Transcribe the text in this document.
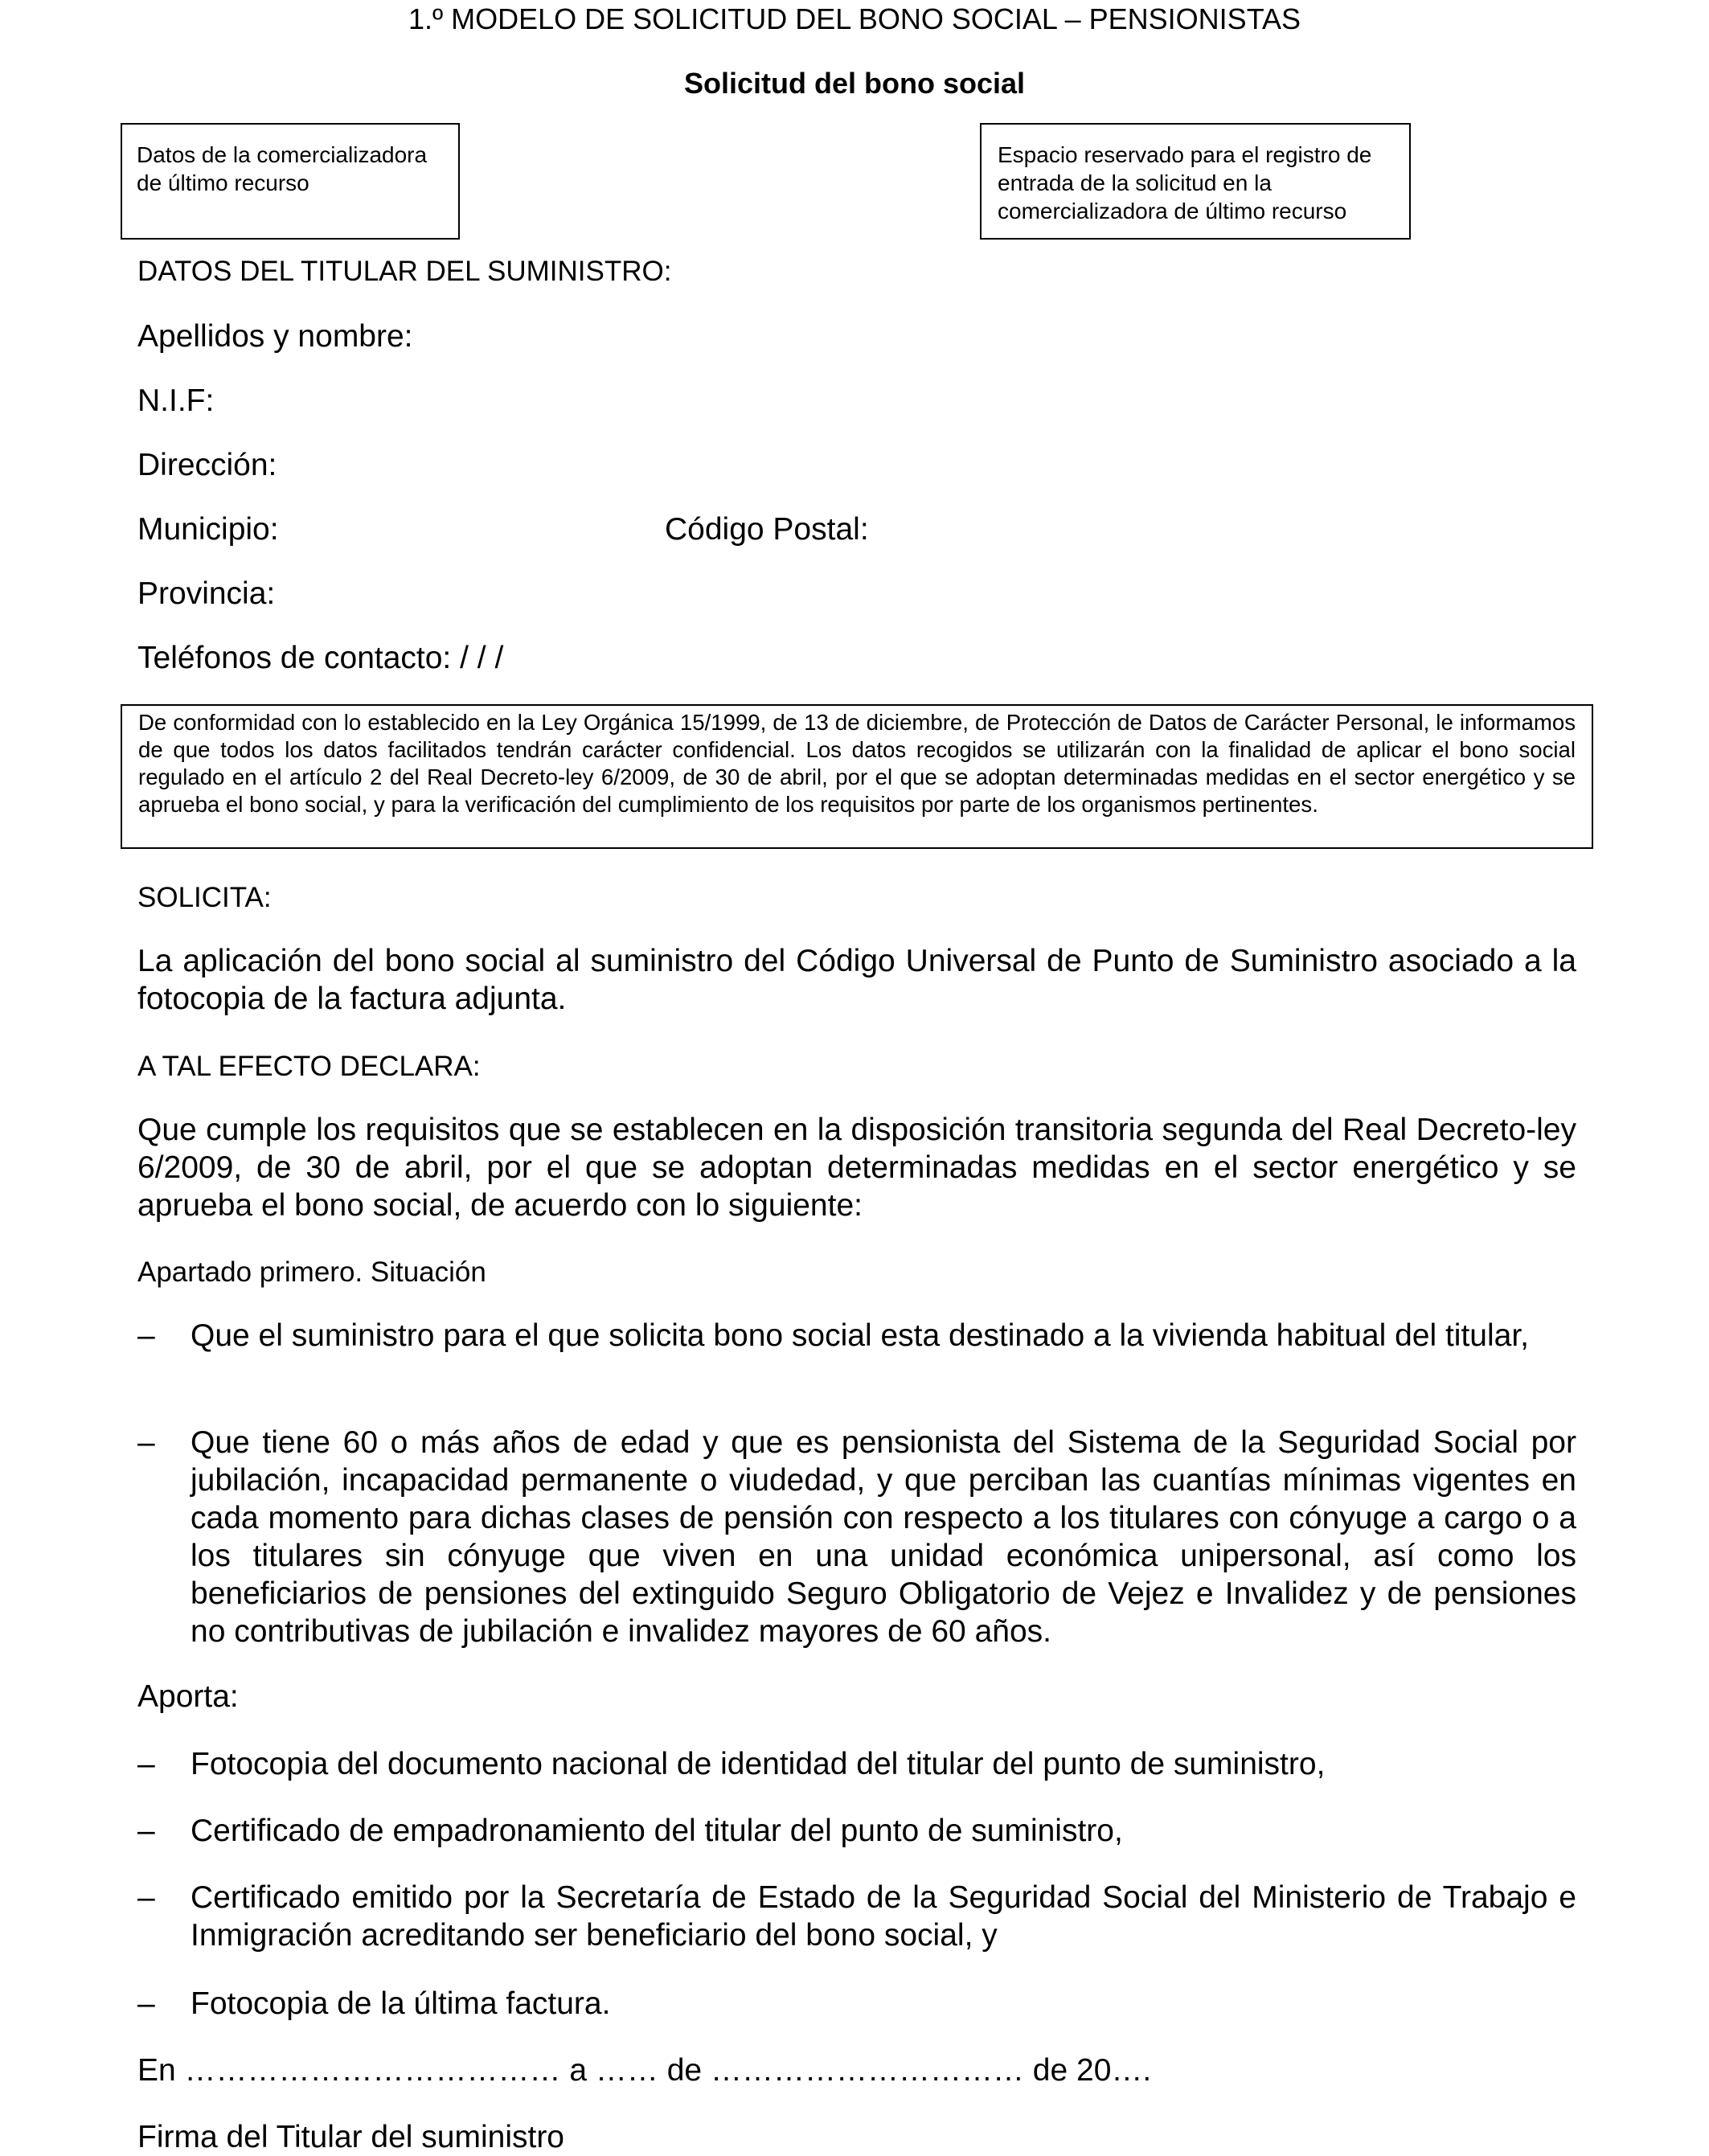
1.º MODELO DE SOLICITUD DEL BONO SOCIAL – PENSIONISTAS
Solicitud del bono social
Datos de la comercializadora de último recurso
Espacio reservado para el registro de entrada de la solicitud en la comercializadora de último recurso
DATOS DEL TITULAR DEL SUMINISTRO:
Apellidos y nombre:
N.I.F:
Dirección:
Municipio:	Código Postal:
Provincia:
Teléfonos de contacto: / / /
De conformidad con lo establecido en la Ley Orgánica 15/1999, de 13 de diciembre, de Protección de Datos de Carácter Personal, le informamos de que todos los datos facilitados tendrán carácter confidencial. Los datos recogidos se utilizarán con la finalidad de aplicar el bono social regulado en el artículo 2 del Real Decreto-ley 6/2009, de 30 de abril, por el que se adoptan determinadas medidas en el sector energético y se aprueba el bono social, y para la verificación del cumplimiento de los requisitos por parte de los organismos pertinentes.
SOLICITA:
La aplicación del bono social al suministro del Código Universal de Punto de Suministro asociado a la fotocopia de la factura adjunta.
A TAL EFECTO DECLARA:
Que cumple los requisitos que se establecen en la disposición transitoria segunda del Real Decreto-ley 6/2009, de 30 de abril, por el que se adoptan determinadas medidas en el sector energético y se aprueba el bono social, de acuerdo con lo siguiente:
Apartado primero. Situación
– Que el suministro para el que solicita bono social esta destinado a la vivienda habitual del titular,
– Que tiene 60 o más años de edad y que es pensionista del Sistema de la Seguridad Social por jubilación, incapacidad permanente o viudedad, y que perciban las cuantías mínimas vigentes en cada momento para dichas clases de pensión con respecto a los titulares con cónyuge a cargo o a los titulares sin cónyuge que viven en una unidad económica unipersonal, así como los beneficiarios de pensiones del extinguido Seguro Obligatorio de Vejez e Invalidez y de pensiones no contributivas de jubilación e invalidez mayores de 60 años.
Aporta:
– Fotocopia del documento nacional de identidad del titular del punto de suministro,
– Certificado de empadronamiento del titular del punto de suministro,
– Certificado emitido por la Secretaría de Estado de la Seguridad Social del Ministerio de Trabajo e Inmigración acreditando ser beneficiario del bono social, y
– Fotocopia de la última factura.
En ……………………………… a …… de ………………………… de 20….
Firma del Titular del suministro
